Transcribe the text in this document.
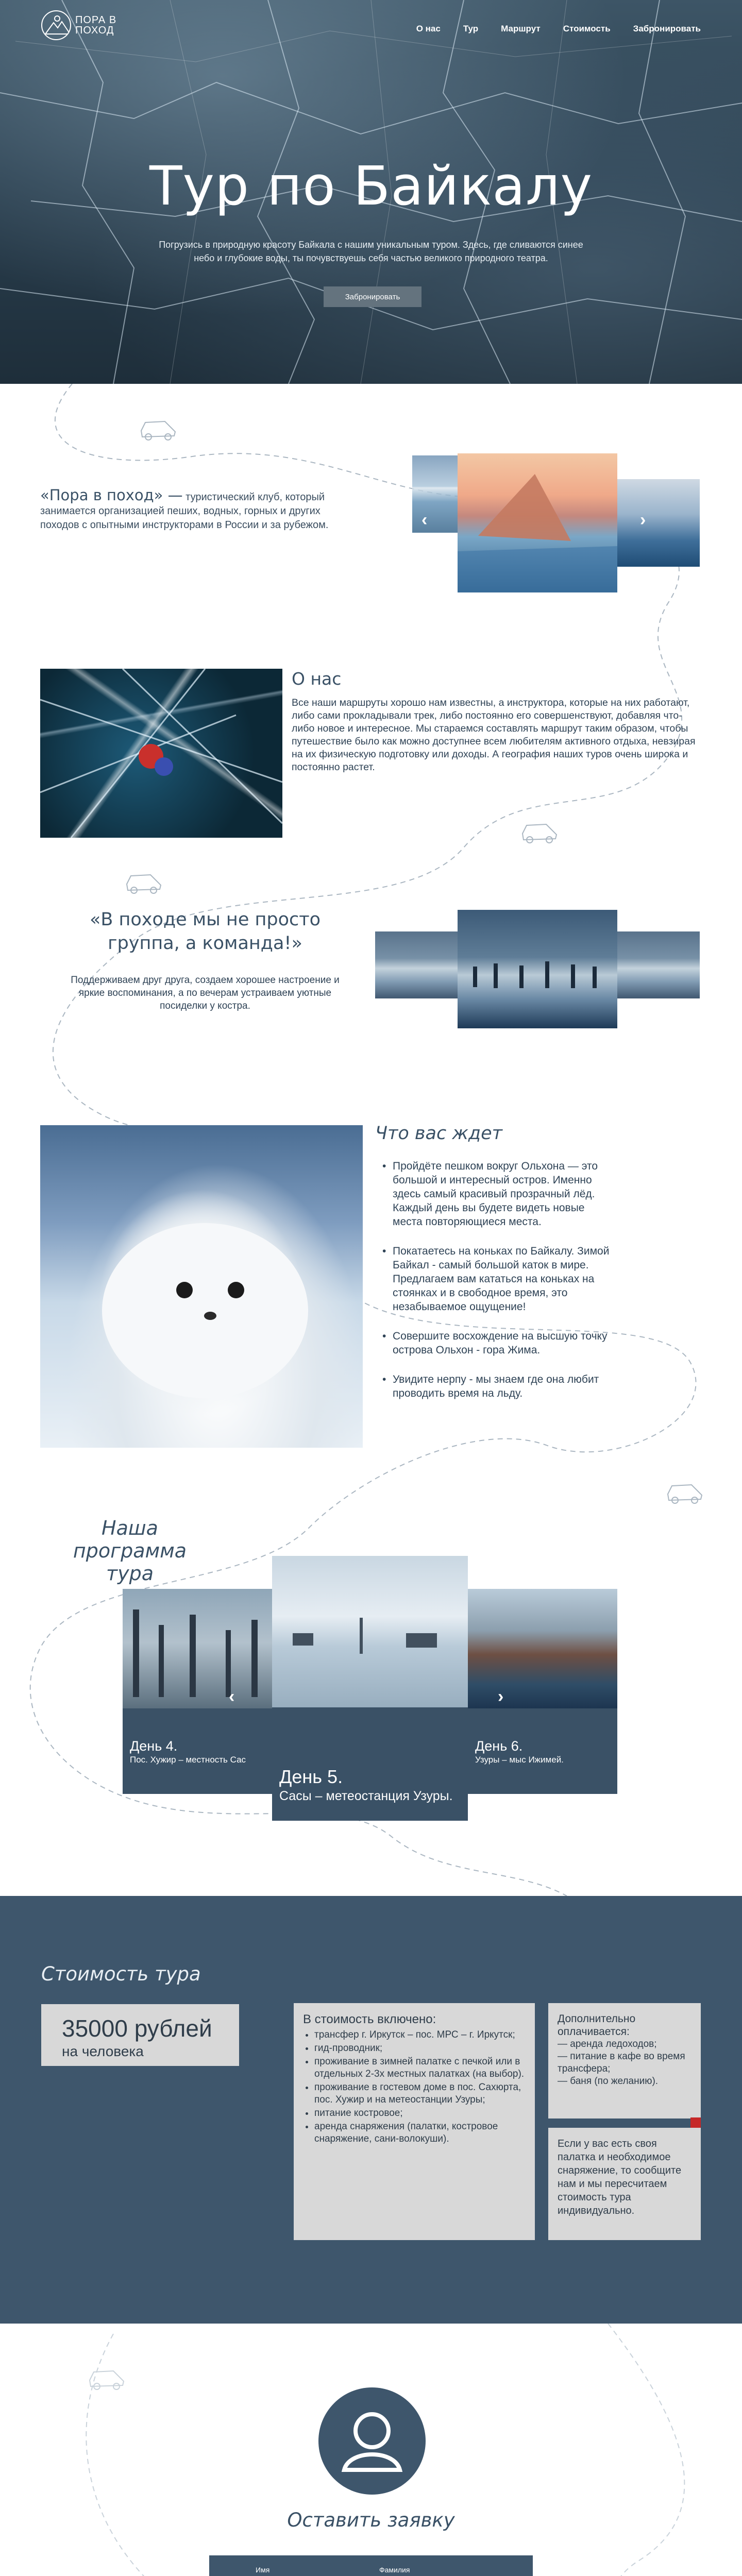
ПОРА В
ПОХОД	О нас	Тур	Маршрут	Стоимость	Забронировать
Тур по Байкалу

Погрузись в природную красоту Байкала с нашим уникальным туром. Здесь, где сливаются синее небо и глубокие воды, ты почувствуешь себя частью великого природного театра.

Забронировать
«Пора в поход» — туристический клуб, который занимается организацией пеших, водных, горных и других походов с опытными инструкторами в России и за рубежом.	‹	›
О нас

Все наши маршруты хорошо нам известны, а инструктора, которые на них работают, либо сами прокладывали трек, либо постоянно его совершенствуют, добавляя что-либо новое и интересное. Мы стараемся составлять маршрут таким образом, чтобы путешествие было как можно доступнее всем любителям активного отдыха, невзирая на их физическую подготовку или доходы. А география наших туров очень широка и постоянно растет.

«В походе мы не просто группа, а команда!»

Поддерживаем друг друга, создаем хорошее настроение и яркие воспоминания, а по вечерам устраиваем уютные посиделки у костра.

Что вас ждет
• Пройдёте пешком вокруг Ольхона — это большой и интересный остров. Именно здесь самый красивый прозрачный лёд. Каждый день вы будете видеть новые места повторяющиеся места.
• Покатаетесь на коньках по Байкалу. Зимой Байкал - самый большой каток в мире. Предлагаем вам кататься на коньках на стоянках и в свободное время, это незабываемое ощущение!
• Совершите восхождение на высшую точку острова Ольхон - гора Жима.
• Увидите нерпу - мы знаем где она любит проводить время на льду.
Наша программа
тура
День 4.
Пос. Хужир – местность Сас
День 6.
Узуры – мыс Ижимей.
День 5.
Сасы – метеостанция Узуры.
‹	›
Стоимость тура
35000 рублей
на человека
В стоимость включено:
• трансфер г. Иркутск – пос. МРС – г. Иркутск;
• гид-проводник;
• проживание в зимней палатке с печкой или в отдельных 2-3х местных палатках (на выбор).
• проживание в гостевом доме в пос. Сахюрта, пос. Хужир и на метеостанции Узуры;
• питание костровое;
• аренда снаряжения (палатки, костровое снаряжение, сани-волокуши).
Дополнительно оплачивается:
— аренда ледоходов;
— питание в кафе во время трансфера;
— баня (по желанию).
Если у вас есть своя палатка и необходимое снаряжение, то сообщите нам и мы пересчитаем стоимость тура индивидуально.
Оставить заявку
Имя	Фамилия
